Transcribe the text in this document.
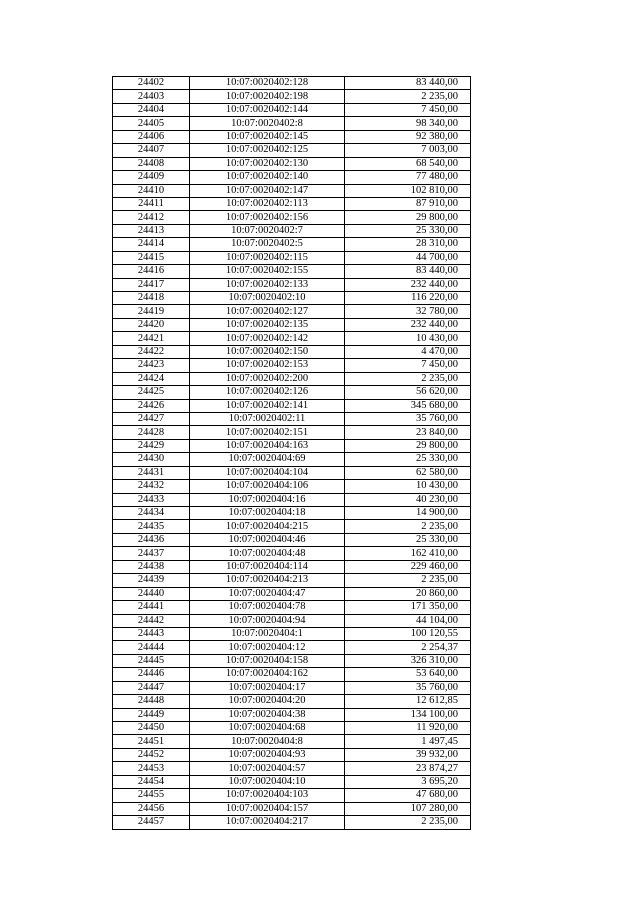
24402	10:07:0020402:128	83 440,00
24403	10:07:0020402:198	2 235,00
24404	10:07:0020402:144	7 450,00
24405	10:07:0020402:8	98 340,00
24406	10:07:0020402:145	92 380,00
24407	10:07:0020402:125	7 003,00
24408	10:07:0020402:130	68 540,00
24409	10:07:0020402:140	77 480,00
24410	10:07:0020402:147	102 810,00
24411	10:07:0020402:113	87 910,00
24412	10:07:0020402:156	29 800,00
24413	10:07:0020402:7	25 330,00
24414	10:07:0020402:5	28 310,00
24415	10:07:0020402:115	44 700,00
24416	10:07:0020402:155	83 440,00
24417	10:07:0020402:133	232 440,00
24418	10:07:0020402:10	116 220,00
24419	10:07:0020402:127	32 780,00
24420	10:07:0020402:135	232 440,00
24421	10:07:0020402:142	10 430,00
24422	10:07:0020402:150	4 470,00
24423	10:07:0020402:153	7 450,00
24424	10:07:0020402:200	2 235,00
24425	10:07:0020402:126	56 620,00
24426	10:07:0020402:141	345 680,00
24427	10:07:0020402:11	35 760,00
24428	10:07:0020402:151	23 840,00
24429	10:07:0020404:163	29 800,00
24430	10:07:0020404:69	25 330,00
24431	10:07:0020404:104	62 580,00
24432	10:07:0020404:106	10 430,00
24433	10:07:0020404:16	40 230,00
24434	10:07:0020404:18	14 900,00
24435	10:07:0020404:215	2 235,00
24436	10:07:0020404:46	25 330,00
24437	10:07:0020404:48	162 410,00
24438	10:07:0020404:114	229 460,00
24439	10:07:0020404:213	2 235,00
24440	10:07:0020404:47	20 860,00
24441	10:07:0020404:78	171 350,00
24442	10:07:0020404:94	44 104,00
24443	10:07:0020404:1	100 120,55
24444	10:07:0020404:12	2 254,37
24445	10:07:0020404:158	326 310,00
24446	10:07:0020404:162	53 640,00
24447	10:07:0020404:17	35 760,00
24448	10:07:0020404:20	12 612,85
24449	10:07:0020404:38	134 100,00
24450	10:07:0020404:68	11 920,00
24451	10:07:0020404:8	1 497,45
24452	10:07:0020404:93	39 932,00
24453	10:07:0020404:57	23 874,27
24454	10:07:0020404:10	3 695,20
24455	10:07:0020404:103	47 680,00
24456	10:07:0020404:157	107 280,00
24457	10:07:0020404:217	2 235,00
